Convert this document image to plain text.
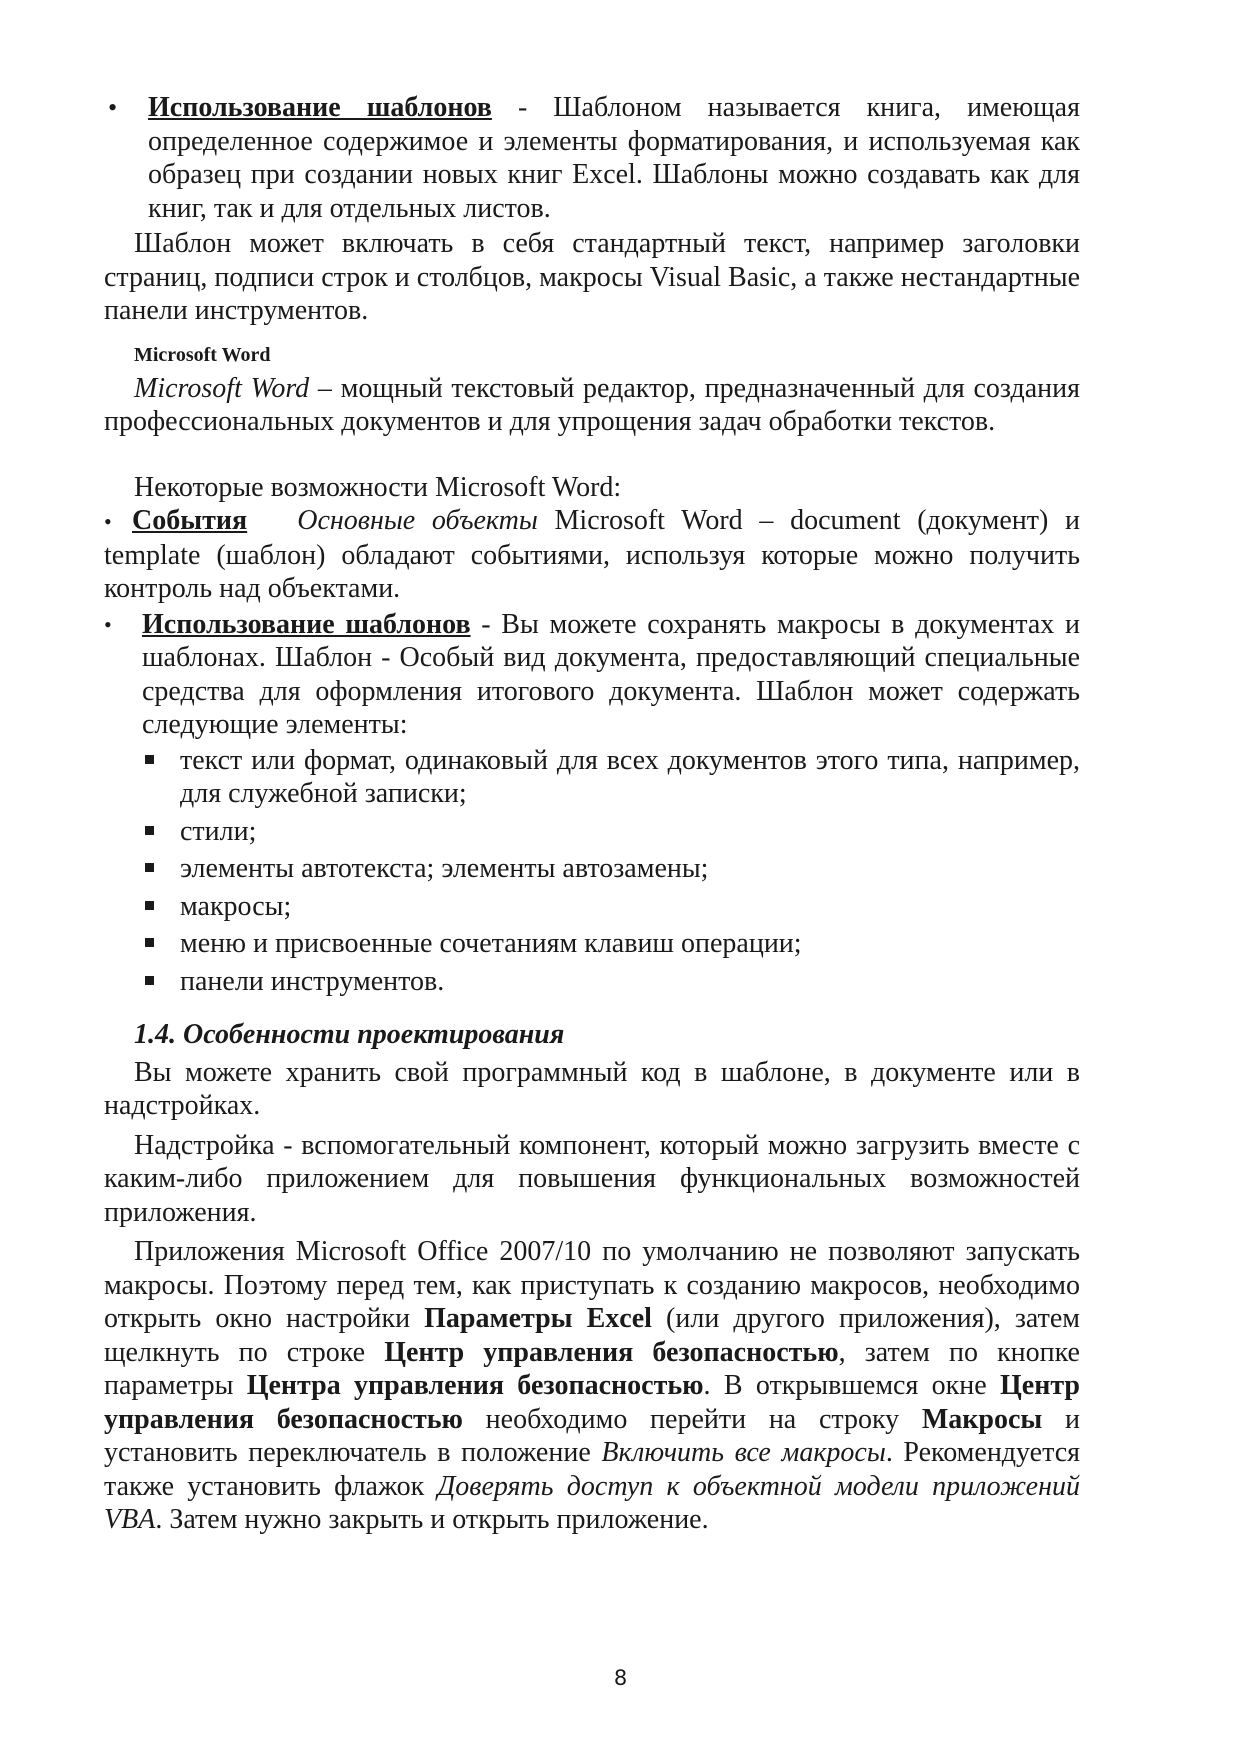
• Использование шаблонов - Шаблоном называется книга, имеющая определенное содержимое и элементы форматирования, и используемая как образец при создании новых книг Excel. Шаблоны можно создавать как для книг, так и для отдельных листов.

Шаблон может включать в себя стандартный текст, например заголовки страниц, подписи строк и столбцов, макросы Visual Basic, а также нестандартные панели инструментов.

Microsoft Word

Microsoft Word – мощный текстовый редактор, предназначенный для создания профессиональных документов и для упрощения задач обработки текстов.

Некоторые возможности Microsoft Word:

• События Основные объекты Microsoft Word – document (документ) и template (шаблон) обладают событиями, используя которые можно получить контроль над объектами.

• Использование шаблонов - Вы можете сохранять макросы в документах и шаблонах. Шаблон - Особый вид документа, предоставляющий специальные средства для оформления итогового документа. Шаблон может содержать следующие элементы:

текст или формат, одинаковый для всех документов этого типа, например, для служебной записки;
стили;
элементы автотекста; элементы автозамены;
макросы;
меню и присвоенные сочетаниям клавиш операции;
панели инструментов.

1.4. Особенности проектирования

Вы можете хранить свой программный код в шаблоне, в документе или в надстройках.

Надстройка - вспомогательный компонент, который можно загрузить вместе с каким-либо приложением для повышения функциональных возможностей приложения.

Приложения Microsoft Office 2007/10 по умолчанию не позволяют запускать макросы. Поэтому перед тем, как приступать к созданию макросов, необходимо открыть окно настройки Параметры Excel (или другого приложения), затем щелкнуть по строке Центр управления безопасностью, затем по кнопке параметры Центра управления безопасностью. В открывшемся окне Центр управления безопасностью необходимо перейти на строку Макросы и установить переключатель в положение Включить все макросы. Рекомендуется также установить флажок Доверять доступ к объектной модели приложений VBA. Затем нужно закрыть и открыть приложение.

8
